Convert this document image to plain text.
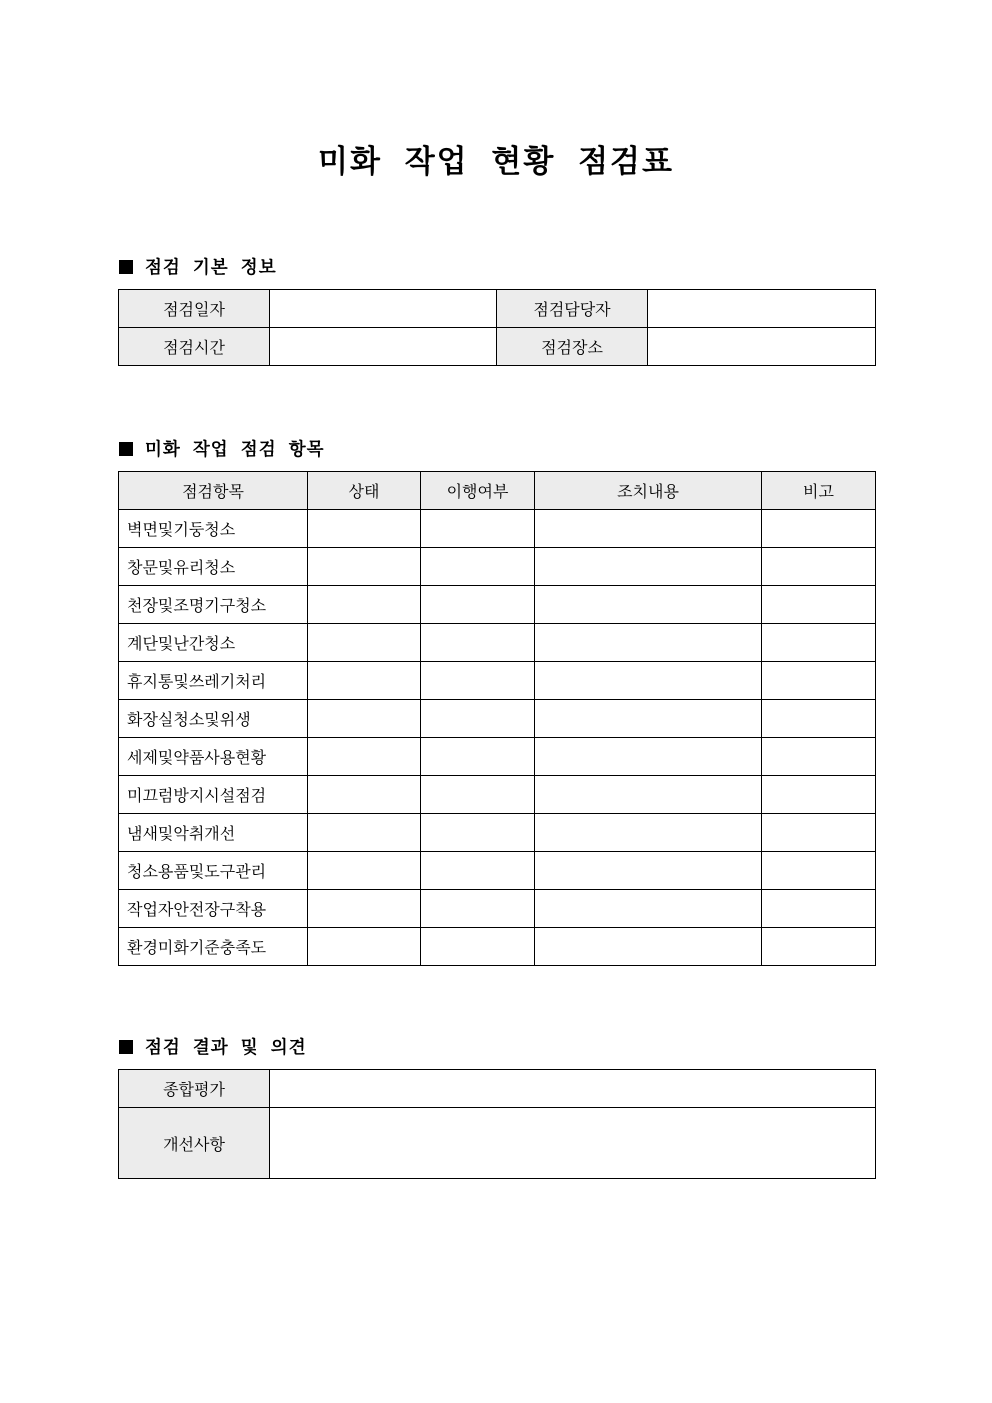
미화 작업 현황 점검표
점검 기본 정보
점검일자		점검담당자	
점검시간		점검장소	
미화 작업 점검 항목
점검항목	상태	이행여부	조치내용	비고
벽면및기둥청소				
창문및유리청소				
천장및조명기구청소				
계단및난간청소				
휴지통및쓰레기처리				
화장실청소및위생				
세제및약품사용현황				
미끄럼방지시설점검				
냄새및악취개선				
청소용품및도구관리				
작업자안전장구착용				
환경미화기준충족도				
점검 결과 및 의견
종합평가	
개선사항	
